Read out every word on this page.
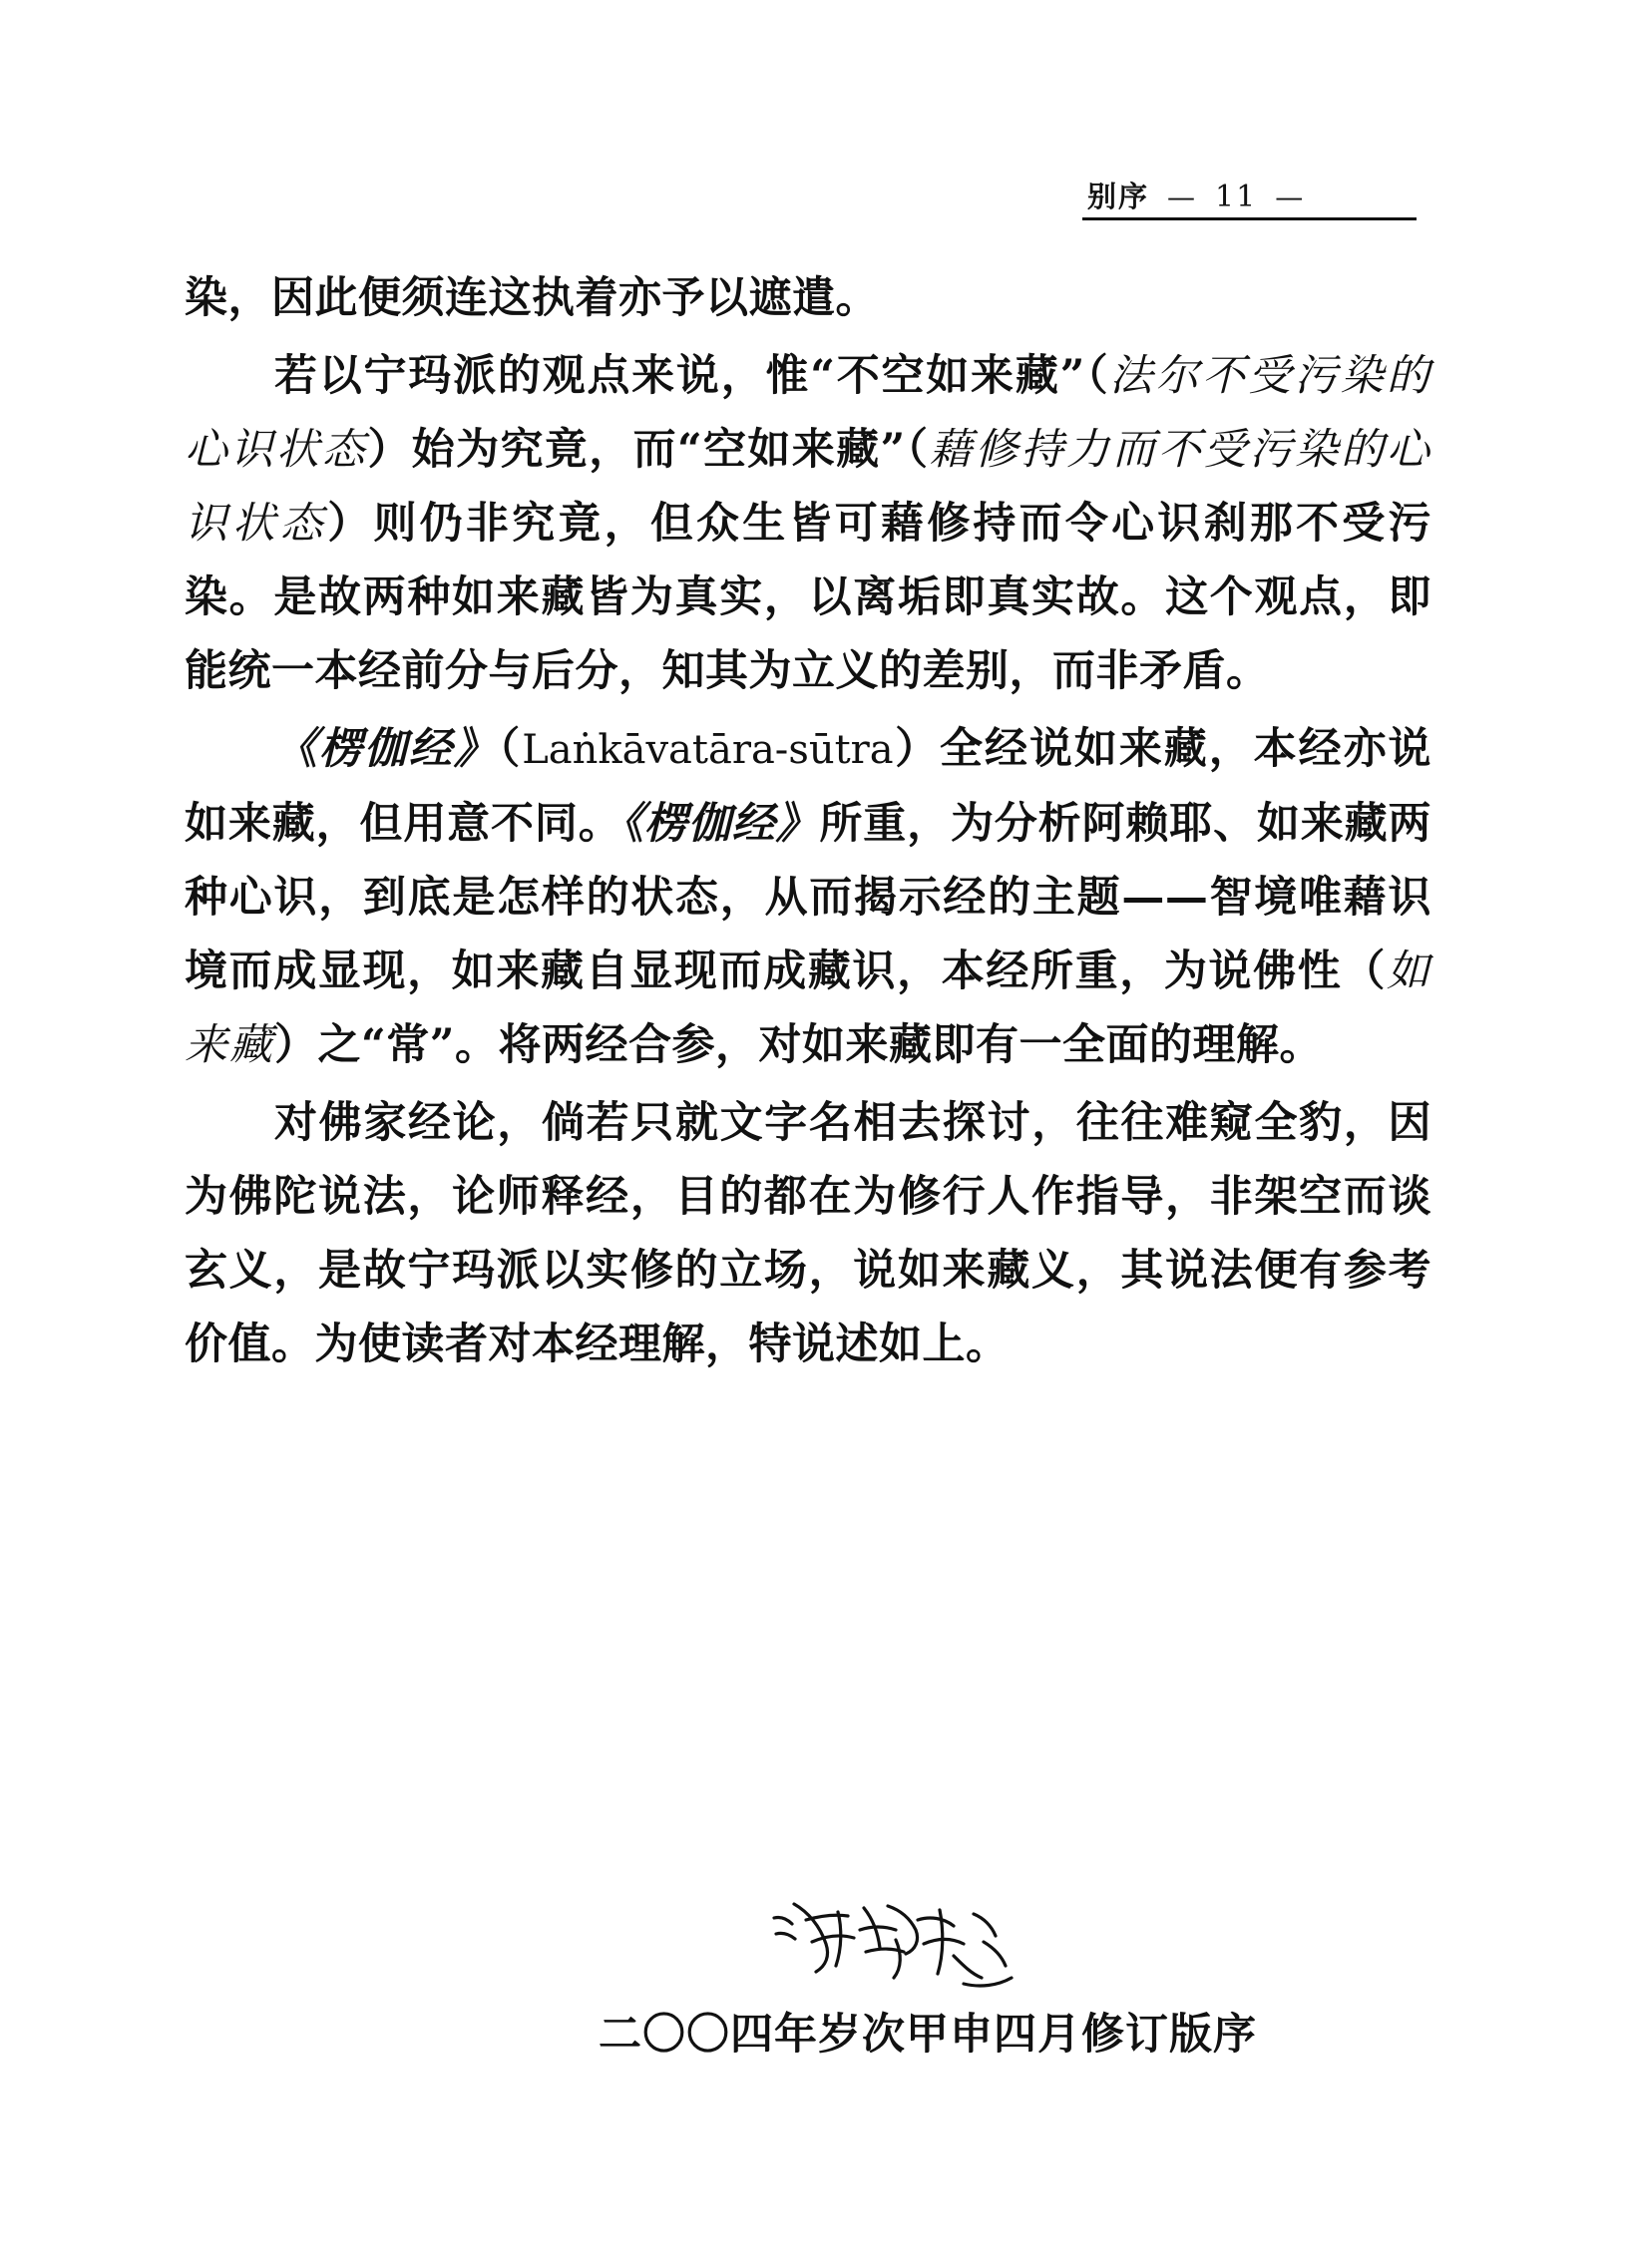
别序 — 11 —

染，因此便须连这执着亦予以遮遣。

若以宁玛派的观点来说，惟“不空如来藏”（法尔不受污染的心识状态）始为究竟，而“空如来藏”（藉修持力而不受污染的心识状态）则仍非究竟，但众生皆可藉修持而令心识刹那不受污染。是故两种如来藏皆为真实，以离垢即真实故。这个观点，即能统一本经前分与后分，知其为立义的差别，而非矛盾。

《楞伽经》（Laṅkāvatāra-sūtra）全经说如来藏，本经亦说如来藏，但用意不同。《楞伽经》所重，为分析阿赖耶、如来藏两种心识，到底是怎样的状态，从而揭示经的主题——智境唯藉识境而成显现，如来藏自显现而成藏识，本经所重，为说佛性（如来藏）之“常”。将两经合参，对如来藏即有一全面的理解。

对佛家经论，倘若只就文字名相去探讨，往往难窥全豹，因为佛陀说法，论师释经，目的都在为修行人作指导，非架空而谈玄义，是故宁玛派以实修的立场，说如来藏义，其说法便有参考价值。为使读者对本经理解，特说述如上。

二〇〇四年岁次甲申四月修订版序
